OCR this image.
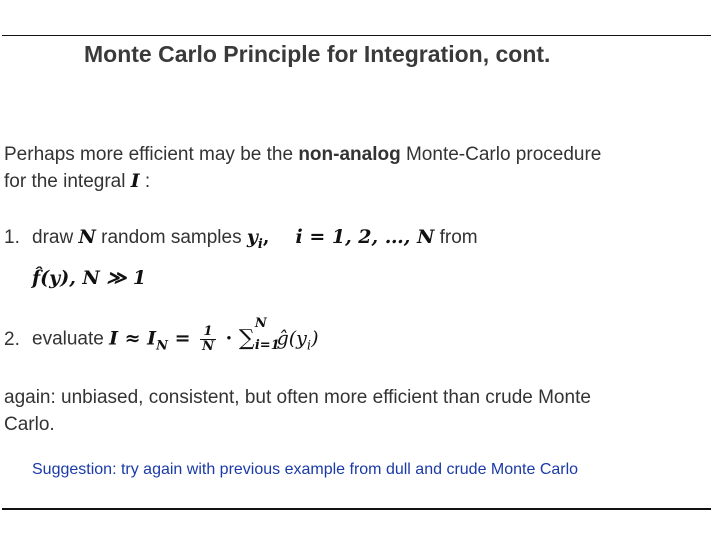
Monte Carlo Principle for Integration, cont.
Perhaps more efficient may be the non-analog Monte-Carlo procedure
for the integral I :
1. draw N random samples $y_i$, i = 1, 2, …, N from
f̂(y), N ≫ 1
2. evaluate $I \approx I_N = \frac{1}{N}$ · ∑
N
i=1
$ĝ(y_i)$
again: unbiased, consistent, but often more efficient than crude Monte
Carlo.
Suggestion: try again with previous example from dull and crude Monte Carlo
